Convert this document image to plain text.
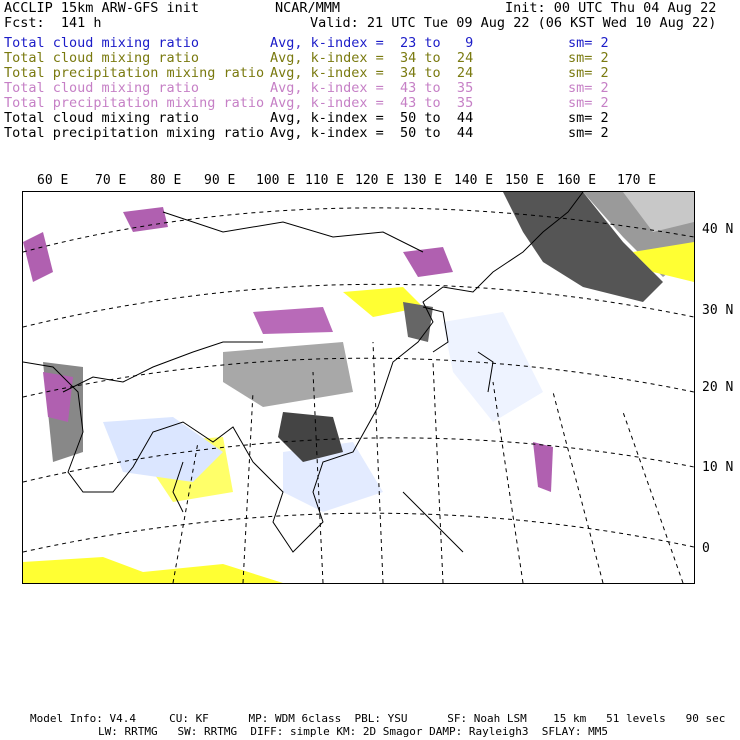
ACCLIP 15km ARW-GFS init	NCAR/MMM	Init: 00 UTC Thu 04 Aug 22
Fcst:  141 h	Valid: 21 UTC Tue 09 Aug 22 (06 KST Wed 10 Aug 22)
Total cloud mixing ratio	Avg, k-index =  23 to   9	sm= 2
Total cloud mixing ratio	Avg, k-index =  34 to  24	sm= 2
Total precipitation mixing ratio Avg, k-index =  34 to  24	sm= 2
Total cloud mixing ratio	Avg, k-index =  43 to  35	sm= 2
Total precipitation mixing ratio Avg, k-index =  43 to  35	sm= 2
Total cloud mixing ratio	Avg, k-index =  50 to  44	sm= 2
Total precipitation mixing ratio Avg, k-index =  50 to  44	sm= 2
60 E 70 E 80 E 90 E 100 E 110 E 120 E 130 E 140 E 150 E 160 E 170 E
40 N
30 N
20 N
10 N
0
Model Info: V4.4     CU: KF      MP: WDM 6class  PBL: YSU      SF: Noah LSM    15 km   51 levels   90 sec
LW: RRTMG   SW: RRTMG  DIFF: simple KM: 2D Smagor DAMP: Rayleigh3  SFLAY: MM5
